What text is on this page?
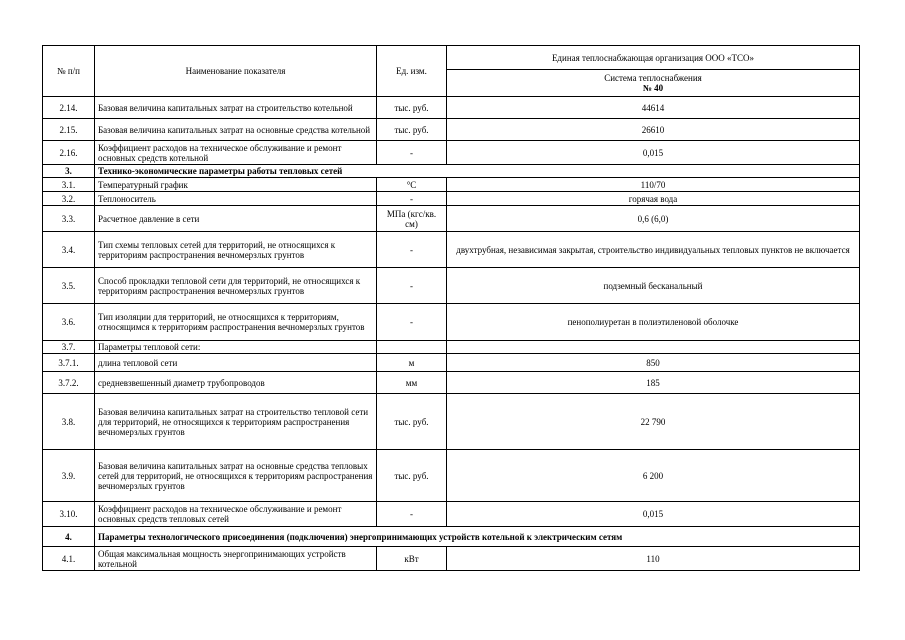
№ п/п	Наименование показателя	Ед. изм.	Единая теплоснабжающая организация ООО «ТСО»

			Система теплоснабжения
№ 40

2.14.	Базовая величина капитальных затрат на строительство котельной	тыс. руб.	44614
2.15.	Базовая величина капитальных затрат на основные средства котельной	тыс. руб.	26610
2.16.	Коэффициент расходов на техническое обслуживание и ремонт основных средств котельной	-	0,015
3.	Технико-экономические параметры работы тепловых сетей		
3.1.	Температурный график	°С	110/70
3.2.	Теплоноситель	-	горячая вода
3.3.	Расчетное давление в сети	МПа (кгс/кв. см)	0,6 (6,0)
3.4.	Тип схемы тепловых сетей для территорий, не относящихся к территориям распространения вечномерзлых грунтов	-	двухтрубная, независимая закрытая, строительство индивидуальных тепловых пунктов не включается
3.5.	Способ прокладки тепловой сети для территорий, не относящихся к территориям распространения вечномерзлых грунтов	-	подземный бесканальный
3.6.	Тип изоляции для территорий, не относящихся к территориям, относящимся к территориям распространения вечномерзлых грунтов	-	пенополиуретан в полиэтиленовой оболочке
3.7.	Параметры тепловой сети:		
3.7.1.	длина тепловой сети	м	850
3.7.2.	средневзвешенный диаметр трубопроводов	мм	185
3.8.	Базовая величина капитальных затрат на строительство тепловой сети для территорий, не относящихся к территориям распространения вечномерзлых грунтов	тыс. руб.	22 790
3.9.	Базовая величина капитальных затрат на основные средства тепловых сетей для территорий, не относящихся к территориям распространения вечномерзлых грунтов	тыс. руб.	6 200
3.10.	Коэффициент расходов на техническое обслуживание и ремонт основных средств тепловых сетей	-	0,015
4.	Параметры технологического присоединения (подключения) энергопринимающих устройств котельной к электрическим сетям		
4.1.	Общая максимальная мощность энергопринимающих устройств котельной	кВт	110
